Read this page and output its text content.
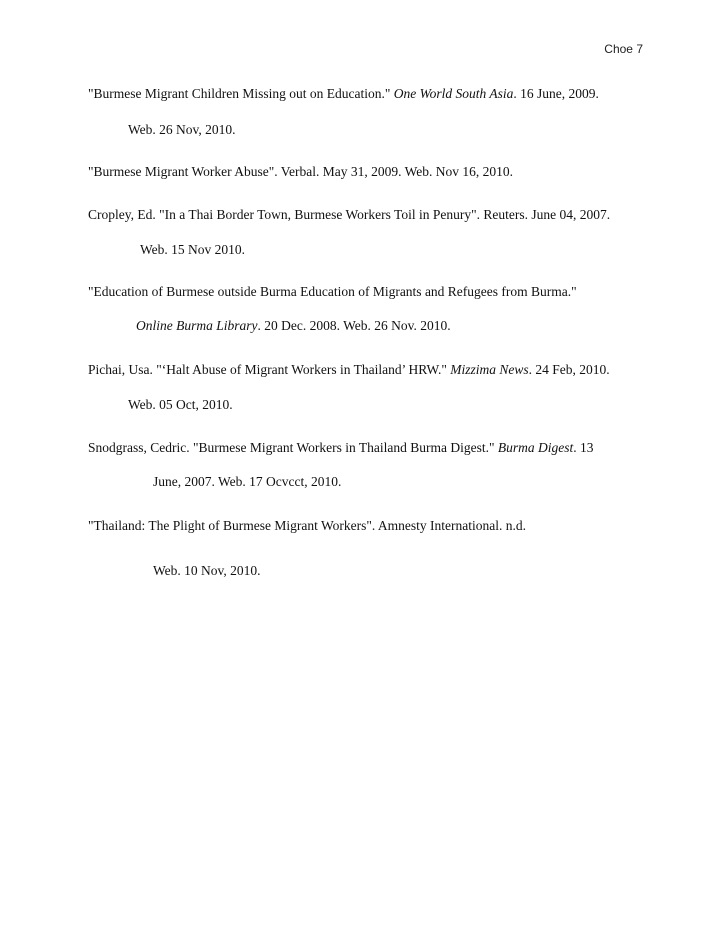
Choe 7
"Burmese Migrant Children Missing out on Education." One World South Asia. 16 June, 2009.
Web. 26 Nov, 2010.
"Burmese Migrant Worker Abuse". Verbal. May 31, 2009. Web. Nov 16, 2010.
Cropley, Ed. "In a Thai Border Town, Burmese Workers Toil in Penury". Reuters. June 04, 2007.
Web. 15 Nov 2010.
"Education of Burmese outside Burma Education of Migrants and Refugees from Burma."
Online Burma Library. 20 Dec. 2008. Web. 26 Nov. 2010.
Pichai, Usa. "‘Halt Abuse of Migrant Workers in Thailand’ HRW." Mizzima News. 24 Feb, 2010.
Web. 05 Oct, 2010.
Snodgrass, Cedric. "Burmese Migrant Workers in Thailand Burma Digest." Burma Digest. 13
June, 2007. Web. 17 Ocvcct, 2010.
"Thailand: The Plight of Burmese Migrant Workers". Amnesty International. n.d.
Web. 10 Nov, 2010.
